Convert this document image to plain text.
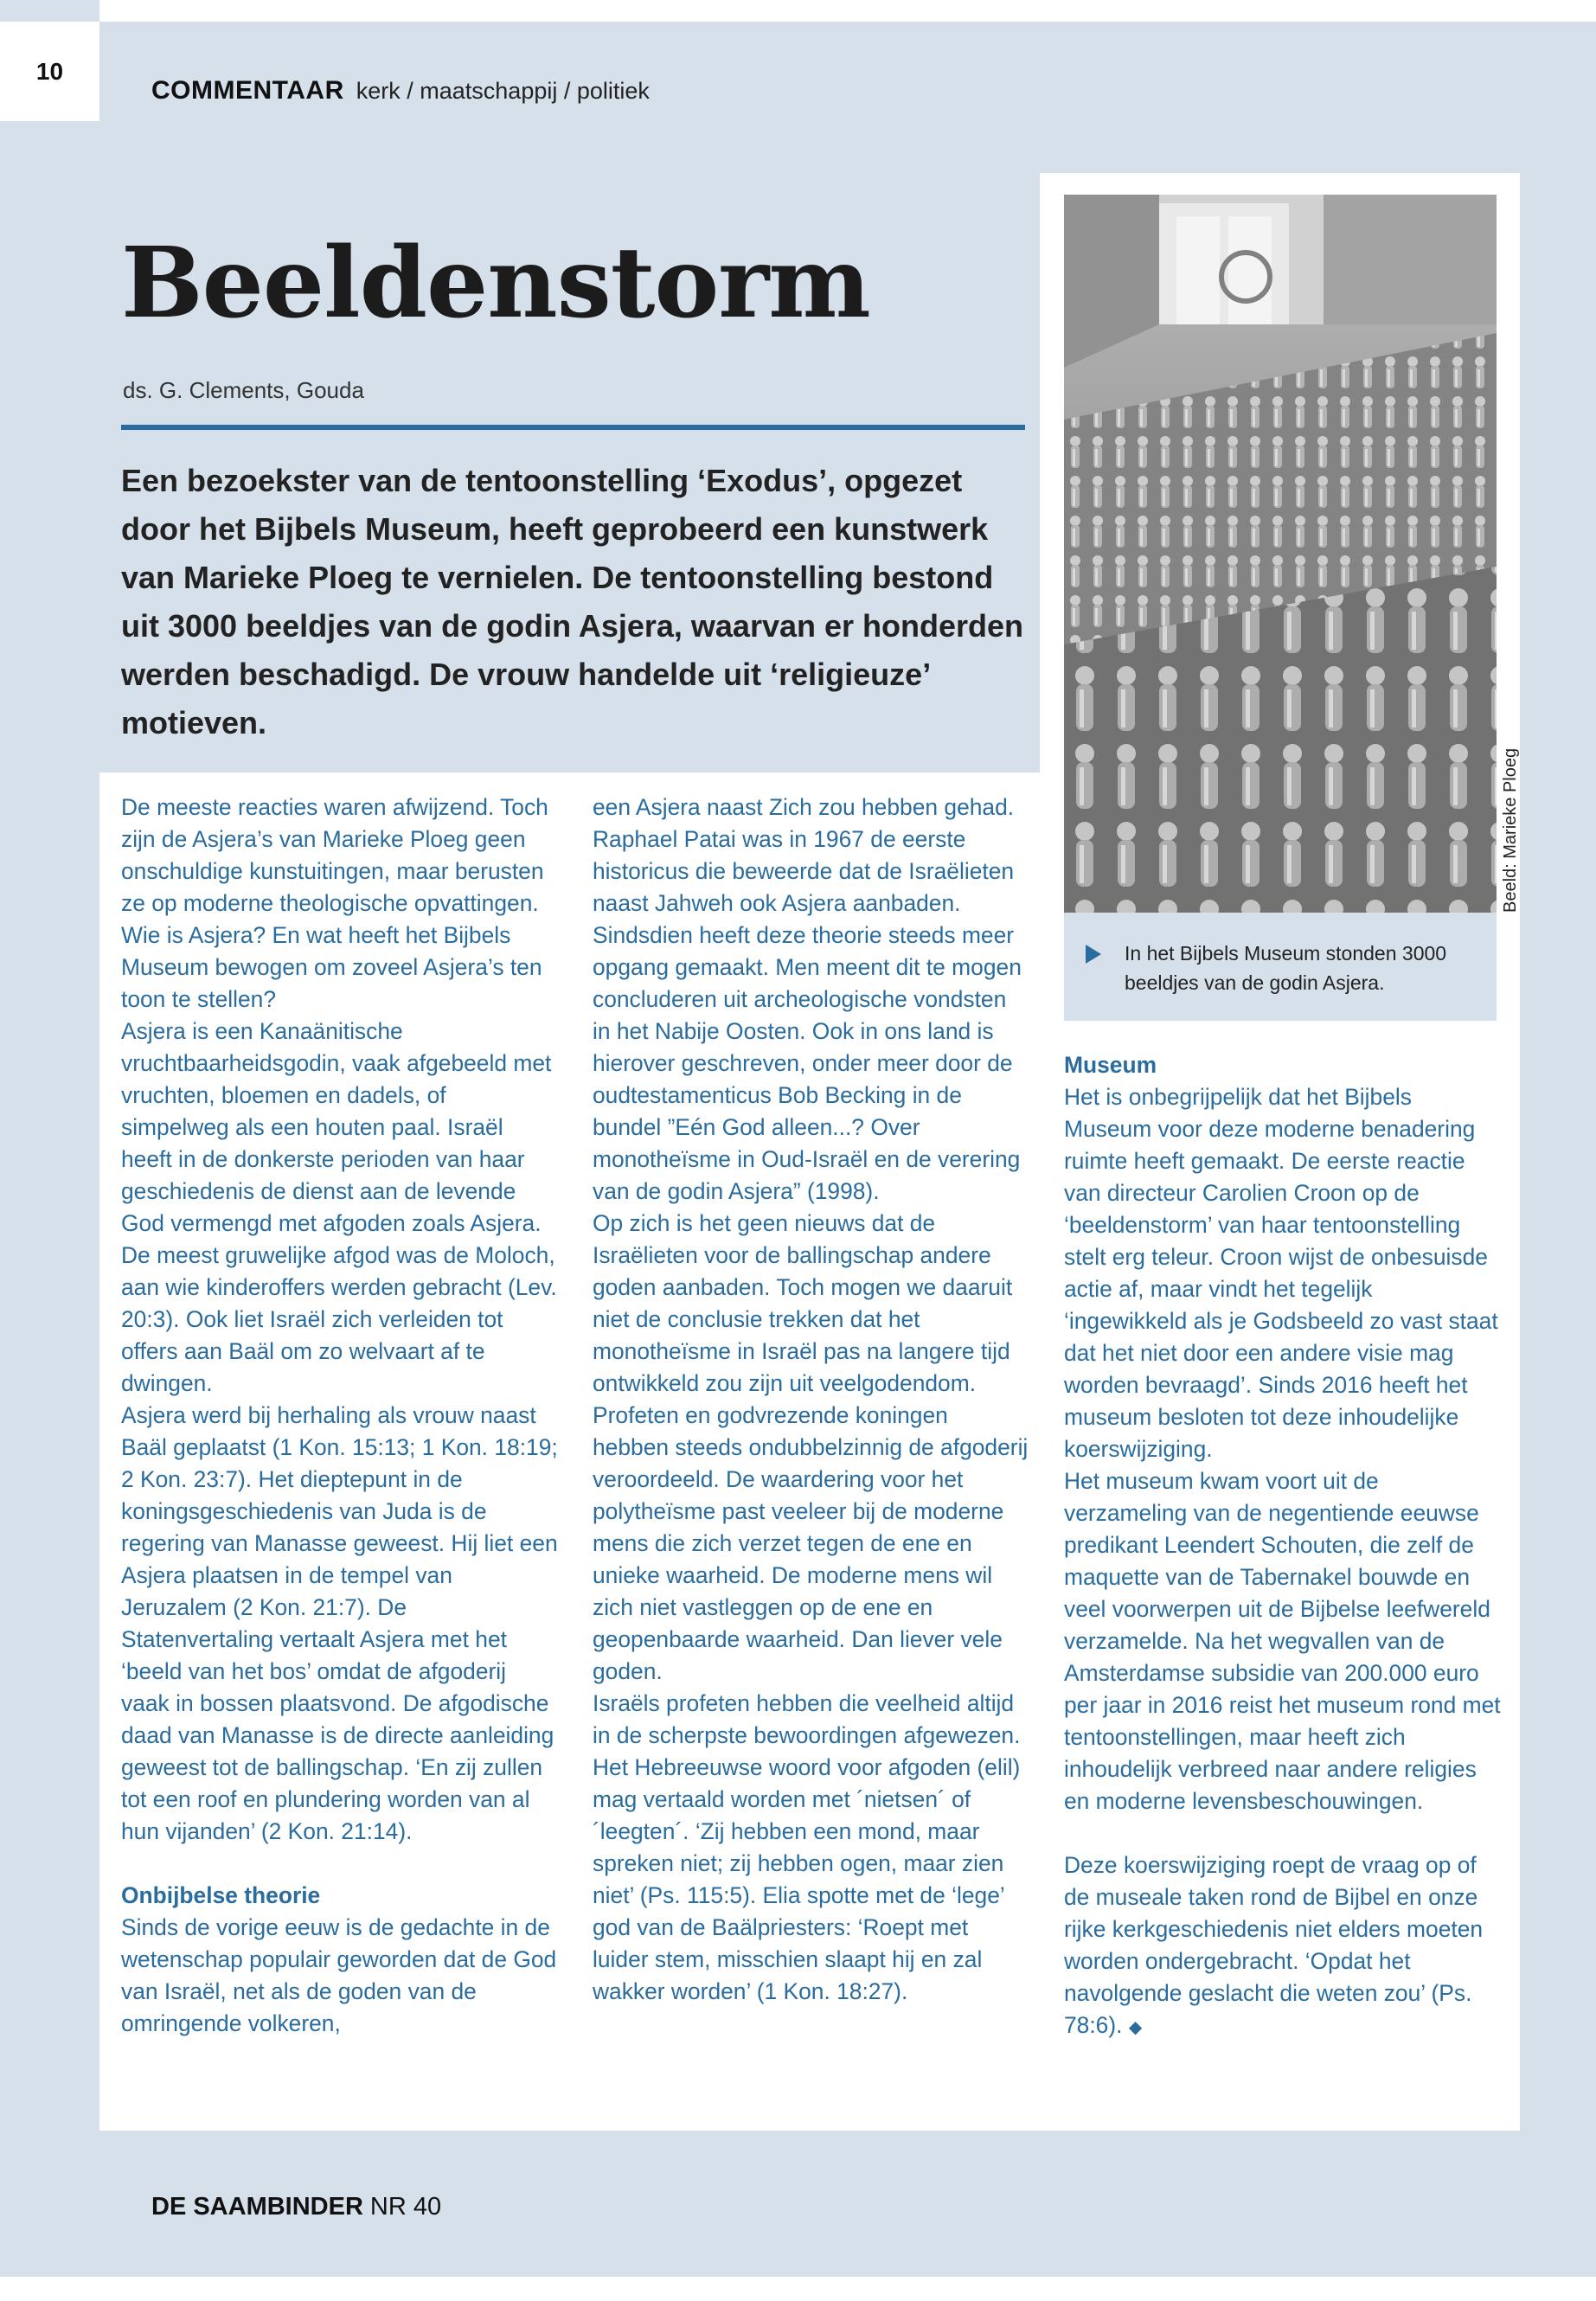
10
COMMENTAAR kerk / maatschappij / politiek
Beeldenstorm
ds. G. Clements, Gouda

Een bezoekster van de tentoonstelling ‘Exodus’, opgezet door het Bijbels Museum, heeft geprobeerd een kunstwerk van Marieke Ploeg te vernielen. De tentoonstelling bestond uit 3000 beeldjes van de godin Asjera, waarvan er honderden werden beschadigd. De vrouw handelde uit ‘religieuze’ motieven.

In het Bijbels Museum stonden 3000 beeldjes van de godin Asjera.

Beeld: Marieke Ploeg

De meeste reacties waren afwijzend. Toch zijn de Asjera’s van Marieke Ploeg geen onschuldige kunstuitingen, maar berusten ze op moderne theologische opvattingen. Wie is Asjera? En wat heeft het Bijbels Museum bewogen om zoveel Asjera’s ten toon te stellen?

Asjera is een Kanaänitische vruchtbaarheidsgodin, vaak afgebeeld met vruchten, bloemen en dadels, of simpelweg als een houten paal. Israël heeft in de donkerste perioden van haar geschiedenis de dienst aan de levende God vermengd met afgoden zoals Asjera. De meest gruwelijke afgod was de Moloch, aan wie kinderoffers werden gebracht (Lev. 20:3). Ook liet Israël zich verleiden tot offers aan Baäl om zo welvaart af te dwingen.

Asjera werd bij herhaling als vrouw naast Baäl geplaatst (1 Kon. 15:13; 1 Kon. 18:19; 2 Kon. 23:7). Het dieptepunt in de koningsgeschiedenis van Juda is de regering van Manasse geweest. Hij liet een Asjera plaatsen in de tempel van Jeruzalem (2 Kon. 21:7). De Statenvertaling vertaalt Asjera met het ‘beeld van het bos’ omdat de afgoderij vaak in bossen plaatsvond. De afgodische daad van Manasse is de directe aanleiding geweest tot de ballingschap. ‘En zij zullen tot een roof en plundering worden van al hun vijanden’ (2 Kon. 21:14).

Onbijbelse theorie

Sinds de vorige eeuw is de gedachte in de wetenschap populair geworden dat de God van Israël, net als de goden van de omringende volkeren,

een Asjera naast Zich zou hebben gehad. Raphael Patai was in 1967 de eerste historicus die beweerde dat de Israëlieten naast Jahweh ook Asjera aanbaden. Sindsdien heeft deze theorie steeds meer opgang gemaakt. Men meent dit te mogen concluderen uit archeologische vondsten in het Nabije Oosten. Ook in ons land is hierover geschreven, onder meer door de oudtestamenticus Bob Becking in de bundel ”Eén God alleen...? Over monotheïsme in Oud-Israël en de verering van de godin Asjera” (1998).

Op zich is het geen nieuws dat de Israëlieten voor de ballingschap andere goden aanbaden. Toch mogen we daaruit niet de conclusie trekken dat het monotheïsme in Israël pas na langere tijd ontwikkeld zou zijn uit veelgodendom. Profeten en godvrezende koningen hebben steeds ondubbelzinnig de afgoderij veroordeeld. De waardering voor het polytheïsme past veeleer bij de moderne mens die zich verzet tegen de ene en unieke waarheid. De moderne mens wil zich niet vastleggen op de ene en geopenbaarde waarheid. Dan liever vele goden.

Israëls profeten hebben die veelheid altijd in de scherpste bewoordingen afgewezen. Het Hebreeuwse woord voor afgoden (elil) mag vertaald worden met ´nietsen´ of ´leegten´. ‘Zij hebben een mond, maar spreken niet; zij hebben ogen, maar zien niet’ (Ps. 115:5). Elia spotte met de ‘lege’ god van de Baälpriesters: ‘Roept met luider stem, misschien slaapt hij en zal wakker worden’ (1 Kon. 18:27).

Museum

Het is onbegrijpelijk dat het Bijbels Museum voor deze moderne benadering ruimte heeft gemaakt. De eerste reactie van directeur Carolien Croon op de ‘beeldenstorm’ van haar tentoonstelling stelt erg teleur. Croon wijst de onbesuisde actie af, maar vindt het tegelijk ‘ingewikkeld als je Godsbeeld zo vast staat dat het niet door een andere visie mag worden bevraagd’. Sinds 2016 heeft het museum besloten tot deze inhoudelijke koerswijziging.

Het museum kwam voort uit de verzameling van de negentiende eeuwse predikant Leendert Schouten, die zelf de maquette van de Tabernakel bouwde en veel voorwerpen uit de Bijbelse leefwereld verzamelde. Na het wegvallen van de Amsterdamse subsidie van 200.000 euro per jaar in 2016 reist het museum rond met tentoonstellingen, maar heeft zich inhoudelijk verbreed naar andere religies en moderne levensbeschouwingen.

Deze koerswijziging roept de vraag op of de museale taken rond de Bijbel en onze rijke kerkgeschiedenis niet elders moeten worden ondergebracht. ‘Opdat het navolgende geslacht die weten zou’ (Ps. 78:6). ◆

DE SAAMBINDER NR 40
